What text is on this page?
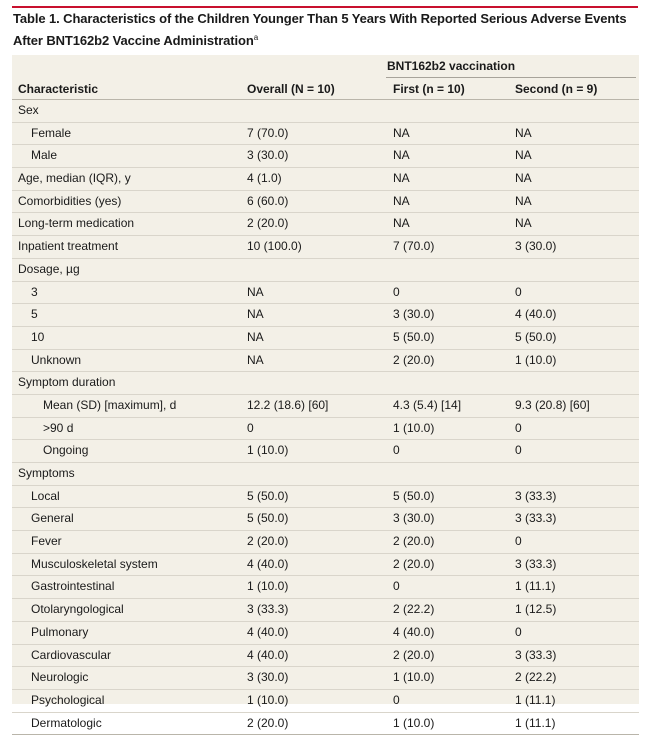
Table 1. Characteristics of the Children Younger Than 5 Years With Reported Serious Adverse Events
After BNT162b2 Vaccine Administration$^a$
BNT162b2 vaccination
Characteristic	Overall (N = 10)	First (n = 10)	Second (n = 9)
Sex
Female	7 (70.0)	NA	NA
Male	3 (30.0)	NA	NA
Age, median (IQR), y	4 (1.0)	NA	NA
Comorbidities (yes)	6 (60.0)	NA	NA
Long-term medication	2 (20.0)	NA	NA
Inpatient treatment	10 (100.0)	7 (70.0)	3 (30.0)
Dosage, µg
3	NA	0	0
5	NA	3 (30.0)	4 (40.0)
10	NA	5 (50.0)	5 (50.0)
Unknown	NA	2 (20.0)	1 (10.0)
Symptom duration
Mean (SD) [maximum], d	12.2 (18.6) [60]	4.3 (5.4) [14]	9.3 (20.8) [60]
>90 d	0	1 (10.0)	0
Ongoing	1 (10.0)	0	0
Symptoms
Local	5 (50.0)	5 (50.0)	3 (33.3)
General	5 (50.0)	3 (30.0)	3 (33.3)
Fever	2 (20.0)	2 (20.0)	0
Musculoskeletal system	4 (40.0)	2 (20.0)	3 (33.3)
Gastrointestinal	1 (10.0)	0	1 (11.1)
Otolaryngological	3 (33.3)	2 (22.2)	1 (12.5)
Pulmonary	4 (40.0)	4 (40.0)	0
Cardiovascular	4 (40.0)	2 (20.0)	3 (33.3)
Neurologic	3 (30.0)	1 (10.0)	2 (22.2)
Psychological	1 (10.0)	0	1 (11.1)
Dermatologic	2 (20.0)	1 (10.0)	1 (11.1)
